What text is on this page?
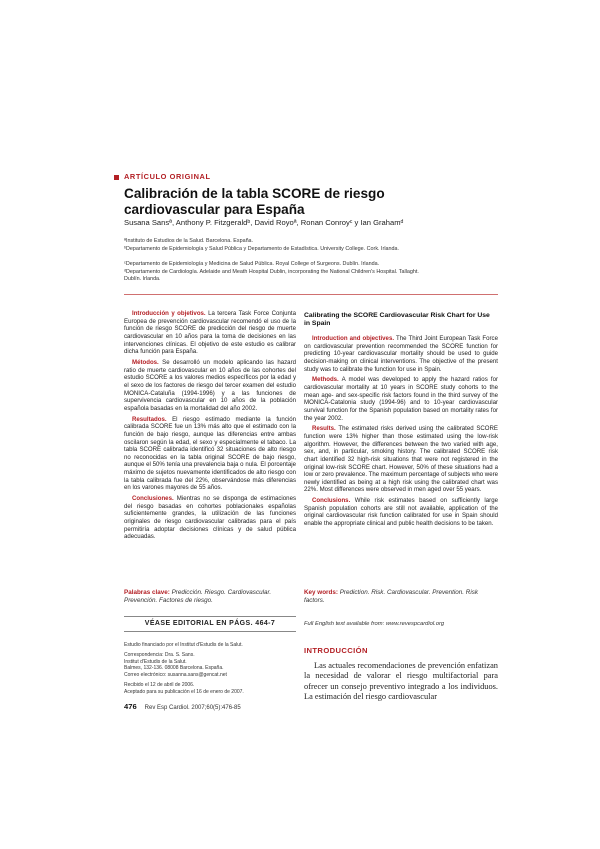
ARTÍCULO ORIGINAL
Calibración de la tabla SCORE de riesgo cardiovascular para España
Susana Sansª, Anthony P. Fitzgeraldᵇ, David Royoª, Ronan Conroyᶜ y Ian Grahamᵈ
ªInstituto de Estudios de la Salud. Barcelona. España.
ᵇDepartamento de Epidemiología y Salud Pública y Departamento de Estadística. University College. Cork. Irlanda.
ᶜDepartamento de Epidemiología y Medicina de Salud Pública. Royal College of Surgeons. Dublín. Irlanda.
ᵈDepartamento de Cardiología. Adelaide and Meath Hospital Dublin, incorporating the National Children's Hospital. Tallaght. Dublín. Irlanda.

Introducción y objetivos. La tercera Task Force Conjunta Europea de prevención cardiovascular recomendó el uso de la función de riesgo SCORE de predicción del riesgo de muerte cardiovascular en 10 años para la toma de decisiones en las intervenciones clínicas. El objetivo de este estudio es calibrar dicha función para España.

Métodos. Se desarrolló un modelo aplicando las hazard ratio de muerte cardiovascular en 10 años de las cohortes del estudio SCORE a los valores medios específicos por la edad y el sexo de los factores de riesgo del tercer examen del estudio MONICA-Cataluña (1994-1996) y a las funciones de supervivencia cardiovascular en 10 años de la población española basadas en la mortalidad del año 2002.

Resultados. El riesgo estimado mediante la función calibrada SCORE fue un 13% más alto que el estimado con la función de bajo riesgo, aunque las diferencias entre ambas oscilaron según la edad, el sexo y especialmente el tabaco. La tabla SCORE calibrada identificó 32 situaciones de alto riesgo no reconocidas en la tabla original SCORE de bajo riesgo, aunque el 50% tenía una prevalencia baja o nula. El porcentaje máximo de sujetos nuevamente identificados de alto riesgo con la tabla calibrada fue del 22%, observándose más diferencias en los varones mayores de 55 años.

Conclusiones. Mientras no se disponga de estimaciones del riesgo basadas en cohortes poblacionales españolas suficientemente grandes, la utilización de las funciones originales de riesgo cardiovascular calibradas para el país permitiría adoptar decisiones clínicas y de salud pública adecuadas.

Palabras clave: Predicción. Riesgo. Cardiovascular. Prevención. Factores de riesgo.
Calibrating the SCORE Cardiovascular Risk Chart for Use in Spain

Introduction and objectives. The Third Joint European Task Force on cardiovascular prevention recommended the SCORE function for predicting 10-year cardiovascular mortality should be used to guide decision-making on clinical interventions. The objective of the present study was to calibrate the function for use in Spain.

Methods. A model was developed to apply the hazard ratios for cardiovascular mortality at 10 years in SCORE study cohorts to the mean age- and sex-specific risk factors found in the third survey of the MONICA-Catalonia study (1994-96) and to 10-year cardiovascular survival function for the Spanish population based on mortality rates for the year 2002.

Results. The estimated risks derived using the calibrated SCORE function were 13% higher than those estimated using the low-risk algorithm. However, the differences between the two varied with age, sex, and, in particular, smoking history. The calibrated SCORE risk chart identified 32 high-risk situations that were not registered in the original low-risk SCORE chart. However, 50% of these situations had a low or zero prevalence. The maximum percentage of subjects who were newly identified as being at a high risk using the calibrated chart was 22%. Most differences were observed in men aged over 55 years.

Conclusions. While risk estimates based on sufficiently large Spanish population cohorts are still not available, application of the original cardiovascular risk function calibrated for use in Spain should enable the appropriate clinical and public health decisions to be taken.

Key words: Prediction. Risk. Cardiovascular. Prevention. Risk factors.
VÉASE EDITORIAL EN PÁGS. 464-7	Full English text available from: www.revespcardiol.org
Estudio financiado por el Institut d'Estudis de la Salut.
Correspondencia: Dra. S. Sans.
Institut d'Estudis de la Salut.
Balmes, 132-136. 08008 Barcelona. España.
Correo electrónico: susanna.sans@gencat.net
Recibido el 12 de abril de 2006.
Aceptado para su publicación el 16 de enero de 2007.
INTRODUCCIÓN

Las actuales recomendaciones de prevención enfatizan la necesidad de valorar el riesgo multifactorial para ofrecer un consejo preventivo integrado a los individuos. La estimación del riesgo cardiovascular

476 Rev Esp Cardiol. 2007;60(5):476-85
